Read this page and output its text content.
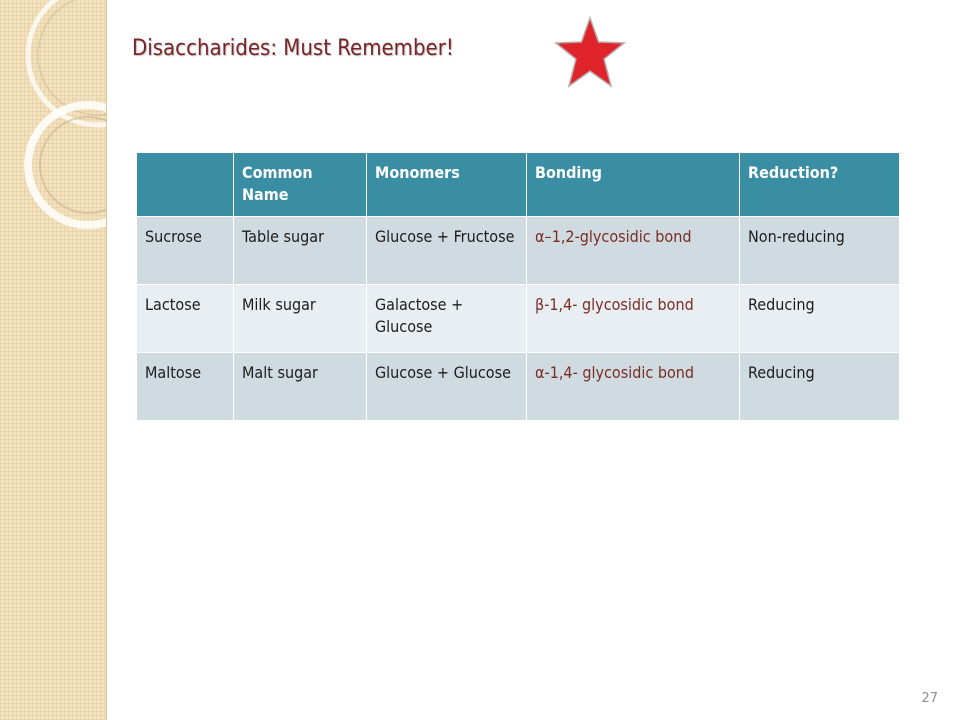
Disaccharides: Must Remember!
	Common Name	Monomers	Bonding	Reduction?
Sucrose	Table sugar	Glucose + Fructose	α–1,2-glycosidic bond	Non-reducing
Lactose	Milk sugar	Galactose + Glucose	β-1,4- glycosidic bond	Reducing
Maltose	Malt sugar	Glucose + Glucose	α-1,4- glycosidic bond	Reducing
27
